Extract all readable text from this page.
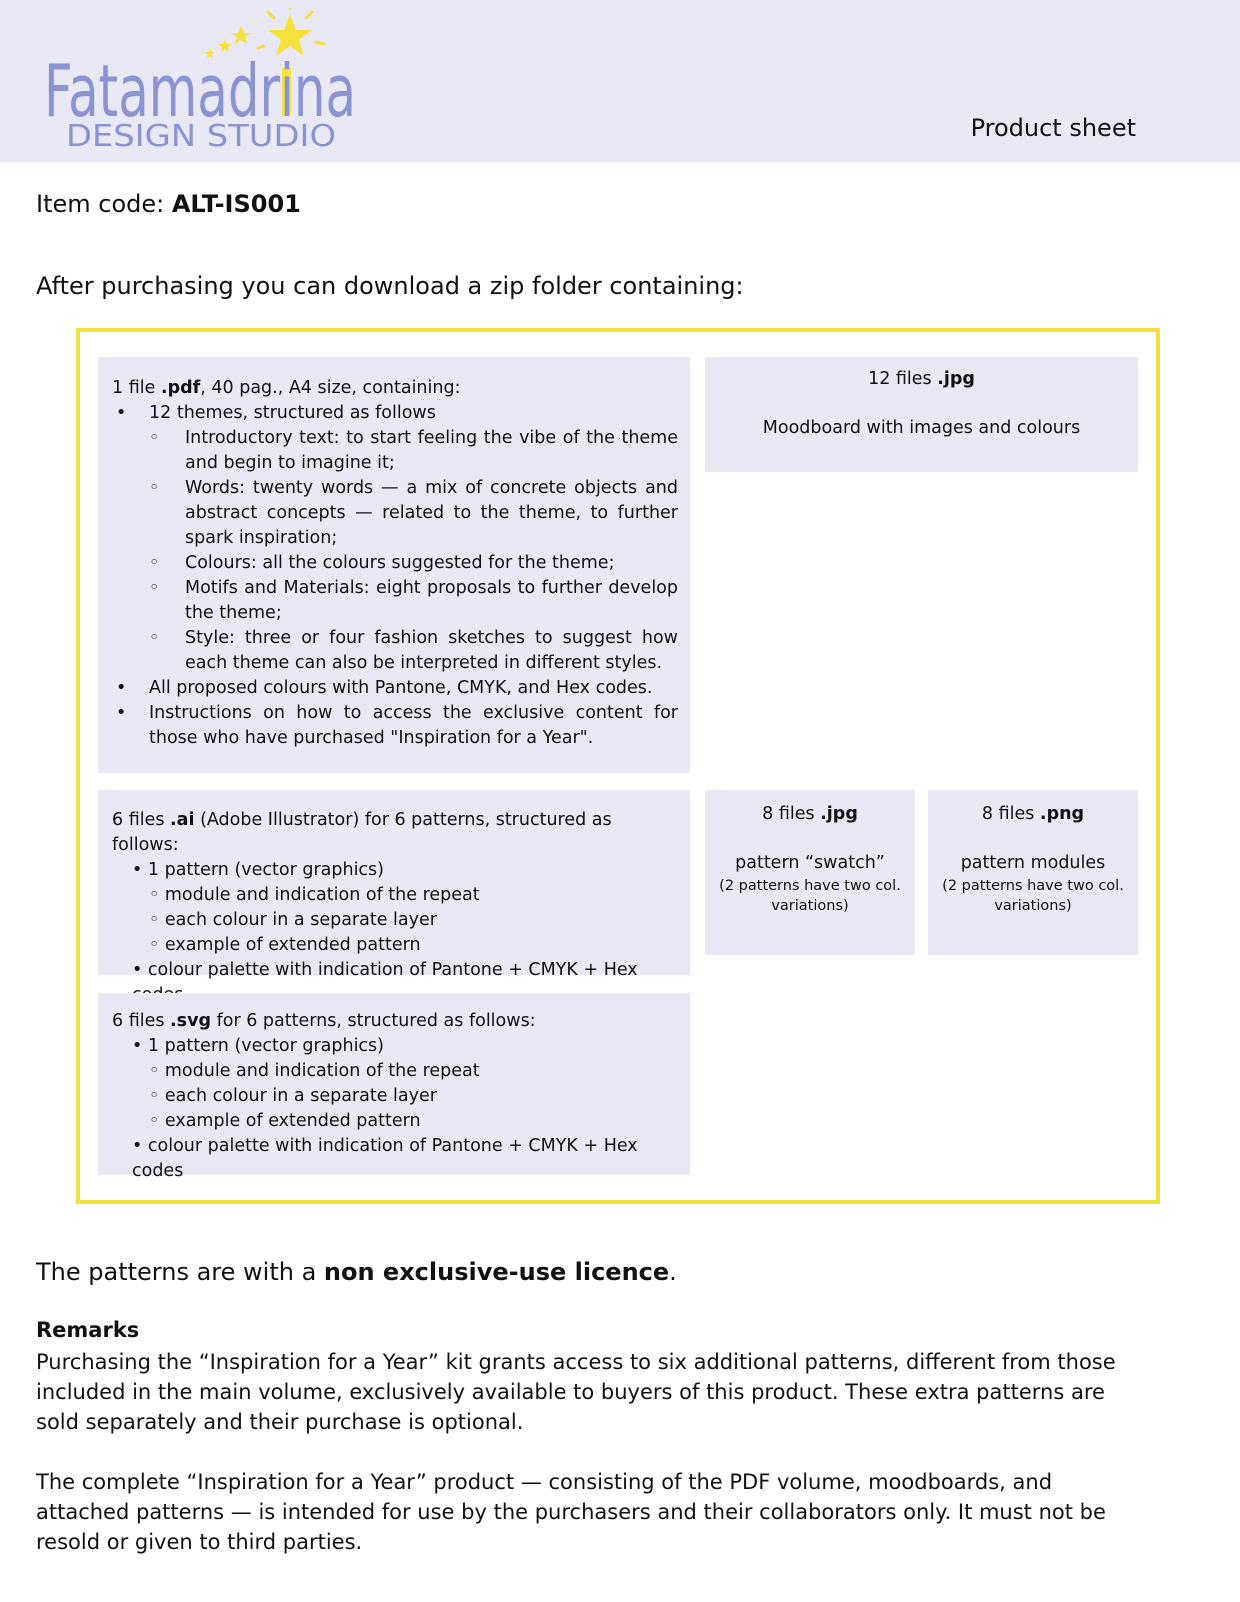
Fatamadrina
DESIGN STUDIO	Product sheet
Item code: ALT-IS001
After purchasing you can download a zip folder containing:
1 file .pdf, 40 pag., A4 size, containing:
•	12 themes, structured as follows
◦	Introductory text: to start feeling the vibe of the theme and begin to imagine it;
◦	Words: twenty words — a mix of concrete objects and abstract concepts — related to the theme, to further spark inspiration;
◦	Colours: all the colours suggested for the theme;
◦	Motifs and Materials: eight proposals to further develop the theme;
◦	Style: three or four fashion sketches to suggest how each theme can also be interpreted in different styles.
•	All proposed colours with Pantone, CMYK, and Hex codes.
•	Instructions on how to access the exclusive content for those who have purchased "Inspiration for a Year".
12 files .jpg
Moodboard with images and colours
6 files .ai (Adobe Illustrator) for 6 patterns, structured as follows:
• 1 pattern (vector graphics)
◦ module and indication of the repeat
◦ each colour in a separate layer
◦ example of extended pattern
• colour palette with indication of Pantone + CMYK + Hex
8 files .jpg
pattern “swatch”
(2 patterns have two col. variations)
8 files .png
pattern modules
(2 patterns have two col. variations)
6 files .svg for 6 patterns, structured as follows:
• 1 pattern (vector graphics)
◦ module and indication of the repeat
◦ each colour in a separate layer
◦ example of extended pattern
• colour palette with indication of Pantone + CMYK + Hex codes
The patterns are with a non exclusive-use licence.
Remarks

Purchasing the “Inspiration for a Year” kit grants access to six additional patterns, different from those included in the main volume, exclusively available to buyers of this product. These extra patterns are sold separately and their purchase is optional.

The complete “Inspiration for a Year” product — consisting of the PDF volume, moodboards, and attached patterns — is intended for use by the purchasers and their collaborators only. It must not be resold or given to third parties.
